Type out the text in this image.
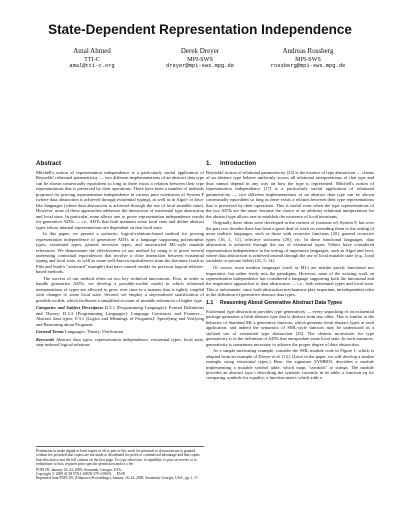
State-Dependent Representation Independence
Amal Ahmed
TTI-C
amal@tti-c.org
Derek Dreyer
MPI-SWS
dreyer@mpi-sws.mpg.de
Andreas Rossberg
MPI-SWS
rossberg@mpi-sws.mpg.de
Abstract

Mitchell's notion of representation independence is a particularly useful application of Reynolds' relational parametricity — two different implementations of an abstract data type can be shown contextually equivalent so long as there exists a relation between their type representations that is preserved by their operations. There have been a number of methods proposed for proving representation independence in various pure extensions of System F (where data abstraction is achieved through existential typing), as well as in Algol- or Java-like languages (where data abstraction is achieved through the use of local mutable state). However, none of these approaches addresses the interaction of existential type abstraction and local state. In particular, none allows one to prove representation independence results for generative ADTs — i.e., ADTs that both maintain some local state and define abstract types whose internal representations are dependent on that local state.

In this paper, we present a syntactic, logical-relations-based method for proving representation independence of generative ADTs in a language supporting polymorphic types, existential types, general recursive types, and unrestricted ML-style mutable references. We demonstrate the effectiveness of our method by using it to prove several interesting contextual equivalences that involve a close interaction between existential typing and local state, as well as some well-known equivalences from the literature (such as Pitts and Stark's "awkward" example) that have caused trouble for previous logical-relation-based methods.

The success of our method relies on two key technical innovations. First, in order to handle generative ADTs, we develop a possible-worlds model in which relational interpretations of types are allowed to grow over time in a manner that is tightly coupled with changes to some local state. Second, we employ a step-indexed stratification of possible worlds, which facilitates a simplified account of mutable references of higher type.

Categories and Subject Descriptors D.3.1 [Programming Languages]: Formal Definitions and Theory; D.3.3 [Programming Languages]: Language Constructs and Features—Abstract data types; F.3.1 [Logics and Meanings of Programs]: Specifying and Verifying and Reasoning about Programs

General Terms Languages, Theory, Verification

Keywords Abstract data types, representation independence, existential types, local state, step-indexed logical relations

Permission to make digital or hard copies of all or part of this work for personal or classroom use is granted without fee provided that copies are not made or distributed for profit or commercial advantage and that copies bear this notice and the full citation on the first page. To copy otherwise, to republish, to post on servers or to redistribute to lists, requires prior specific permission and/or a fee.

POPL'09, January 18–24, 2009, Savannah, Georgia, USA.

Copyright © 2009 ACM 978-1-60558-379-2/09/01. . . $5.00

Reprinted from POPL'09, [Unknown Proceedings], January 18–24, 2009, Savannah, Georgia, USA., pp. 1–??.

1. Introduction

Reynolds' notion of relational parametricity [23] is the essence of type abstraction — clients of an abstract type behave uniformly across all relational interpretations of that type and thus cannot depend in any way on how the type is represented. Mitchell's notion of representation independence [17] is a particularly useful application of relational parametricity — two different implementations of an abstract data type can be shown contextually equivalent so long as there exists a relation between their type representations that is preserved by their operations. This is useful even when the type representations of the two ADTs are the same, because the choice of an arbitrary relational interpretation for the abstract type allows one to establish the existence of local invariants.

Originally these ideas were developed in the context of (variants of) System F, but over the past two decades there has been a great deal of work on extending them to the setting of more realistic languages, such as those with recursive functions [20], general recursive types [16, 1, 11], selective strictness [29], etc. In these functional languages, data abstraction is achieved through the use of existential types. Others have considered representation independence in the setting of imperative languages, such as Algol and Java, where data abstraction is achieved instead through the use of local mutable state (e.g., local variables or private fields) [21, 5, 14].

Of course, most modern languages (such as ML) are neither purely functional nor imperative, but rather freely mix the paradigms. However, none of the existing work on representation independence has considered a language supporting both the functional and the imperative approaches to data abstraction — i.e., both existential types and local state. This is unfortunate, since both abstraction mechanisms play important, interdependent roles in the definition of generative abstract data types.

1.1 Reasoning About Generative Abstract Data Types

Existential type abstraction provides type generativity — every unpacking of an existential package generates a fresh abstract type that is distinct from any other. This is similar to the behavior of Standard ML's generative functors, which generate fresh abstract types at each application, and indeed the semantics of SML-style functors may be understood as a stylized use of existential type abstraction [25]. The clearest motivation for type generativity is in the definition of ADTs that encapsulate some local state. In such instances, generativity is sometimes necessary to achieve the proper degree of data abstraction.

As a simple motivating example, consider the SML module code in Figure 1, which is adapted from an example of Dreyer et al. [12]. (Later in the paper, we will develop a similar example using existential types.) Here, the signature SYMBOL describes a module implementing a mutable symbol table, which maps "symbols" to strings. The module provides an abstract type t describing the symbols currently in its table; a function eq for comparing symbols for equality; a function insert, which adds a
